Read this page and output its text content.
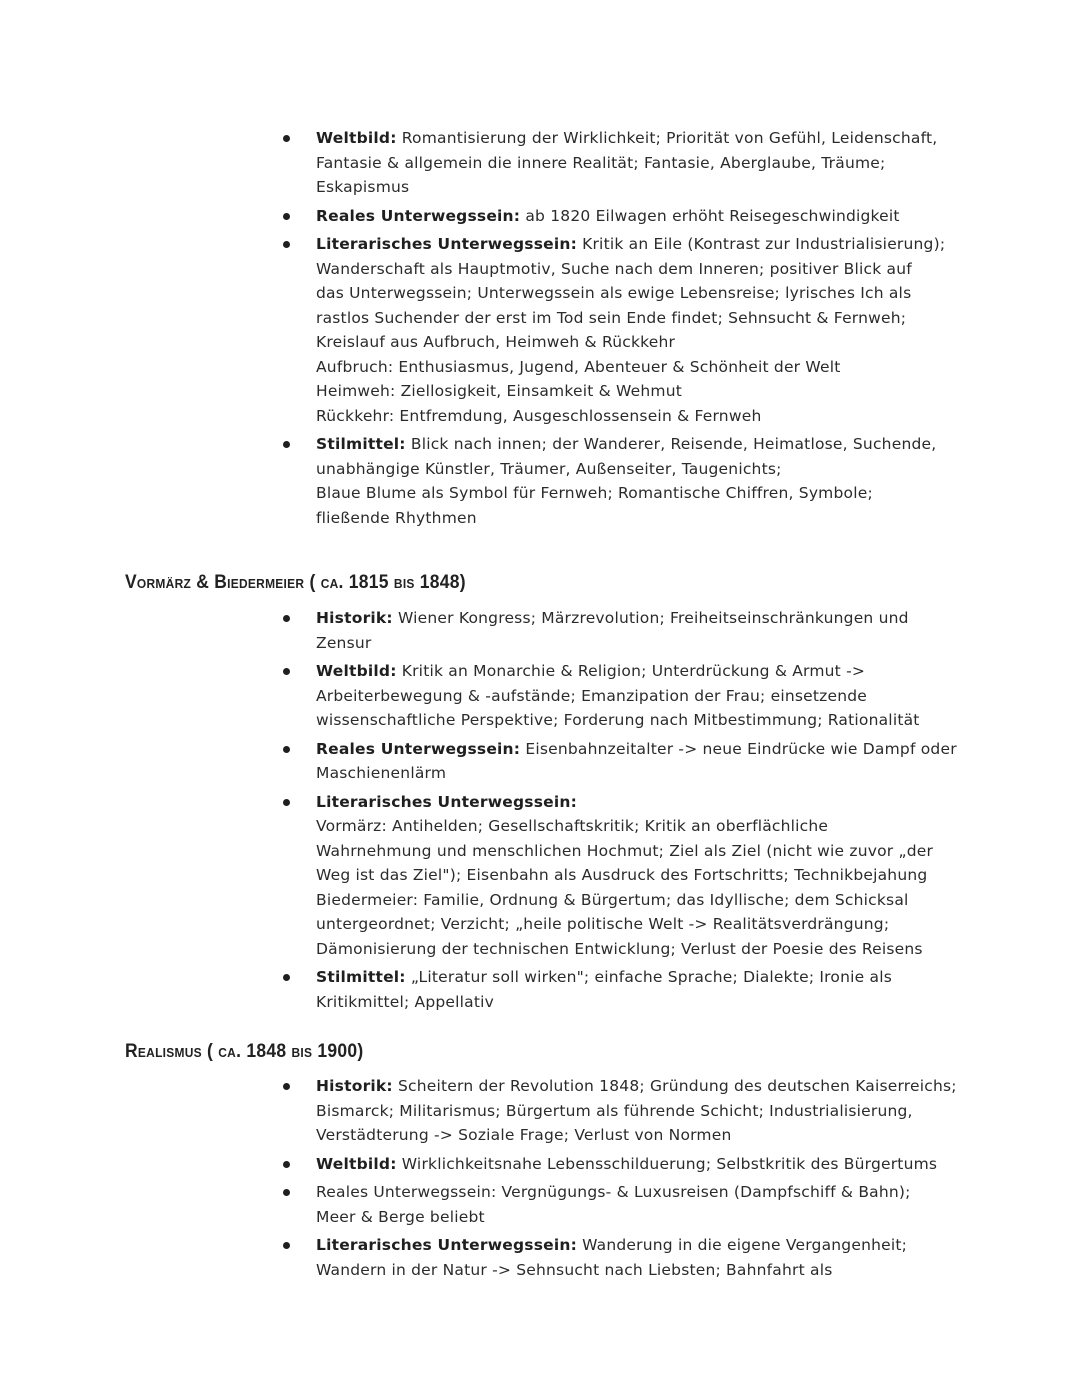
Weltbild: Romantisierung der Wirklichkeit; Priorität von Gefühl, Leidenschaft,
Fantasie & allgemein die innere Realität; Fantasie, Aberglaube, Träume;
Eskapismus
Reales Unterwegssein: ab 1820 Eilwagen erhöht Reisegeschwindigkeit
Literarisches Unterwegssein: Kritik an Eile (Kontrast zur Industrialisierung);
Wanderschaft als Hauptmotiv, Suche nach dem Inneren; positiver Blick auf
das Unterwegssein; Unterwegssein als ewige Lebensreise; lyrisches Ich als
rastlos Suchender der erst im Tod sein Ende findet; Sehnsucht & Fernweh;
Kreislauf aus Aufbruch, Heimweh & Rückkehr
Aufbruch: Enthusiasmus, Jugend, Abenteuer & Schönheit der Welt
Heimweh: Ziellosigkeit, Einsamkeit & Wehmut
Rückkehr: Entfremdung, Ausgeschlossensein & Fernweh
Stilmittel: Blick nach innen; der Wanderer, Reisende, Heimatlose, Suchende,
unabhängige Künstler, Träumer, Außenseiter, Taugenichts;
Blaue Blume als Symbol für Fernweh; Romantische Chiffren, Symbole;
fließende Rhythmen
Vormärz & Biedermeier ( ca. 1815 bis 1848)
Historik: Wiener Kongress; Märzrevolution; Freiheitseinschränkungen und
Zensur
Weltbild: Kritik an Monarchie & Religion; Unterdrückung & Armut ->
Arbeiterbewegung & -aufstände; Emanzipation der Frau; einsetzende
wissenschaftliche Perspektive; Forderung nach Mitbestimmung; Rationalität
Reales Unterwegssein: Eisenbahnzeitalter -> neue Eindrücke wie Dampf oder
Maschienenlärm
Literarisches Unterwegssein:
Vormärz: Antihelden; Gesellschaftskritik; Kritik an oberflächliche
Wahrnehmung und menschlichen Hochmut; Ziel als Ziel (nicht wie zuvor „der
Weg ist das Ziel"); Eisenbahn als Ausdruck des Fortschritts; Technikbejahung
Biedermeier: Familie, Ordnung & Bürgertum; das Idyllische; dem Schicksal
untergeordnet; Verzicht; „heile politische Welt -> Realitätsverdrängung;
Dämonisierung der technischen Entwicklung; Verlust der Poesie des Reisens
Stilmittel: „Literatur soll wirken"; einfache Sprache; Dialekte; Ironie als
Kritikmittel; Appellativ
Realismus ( ca. 1848 bis 1900)
Historik: Scheitern der Revolution 1848; Gründung des deutschen Kaiserreichs;
Bismarck; Militarismus; Bürgertum als führende Schicht; Industrialisierung,
Verstädterung -> Soziale Frage; Verlust von Normen
Weltbild: Wirklichkeitsnahe Lebensschilduerung; Selbstkritik des Bürgertums
Reales Unterwegssein: Vergnügungs- & Luxusreisen (Dampfschiff & Bahn);
Meer & Berge beliebt
Literarisches Unterwegssein: Wanderung in die eigene Vergangenheit;
Wandern in der Natur -> Sehnsucht nach Liebsten; Bahnfahrt als
